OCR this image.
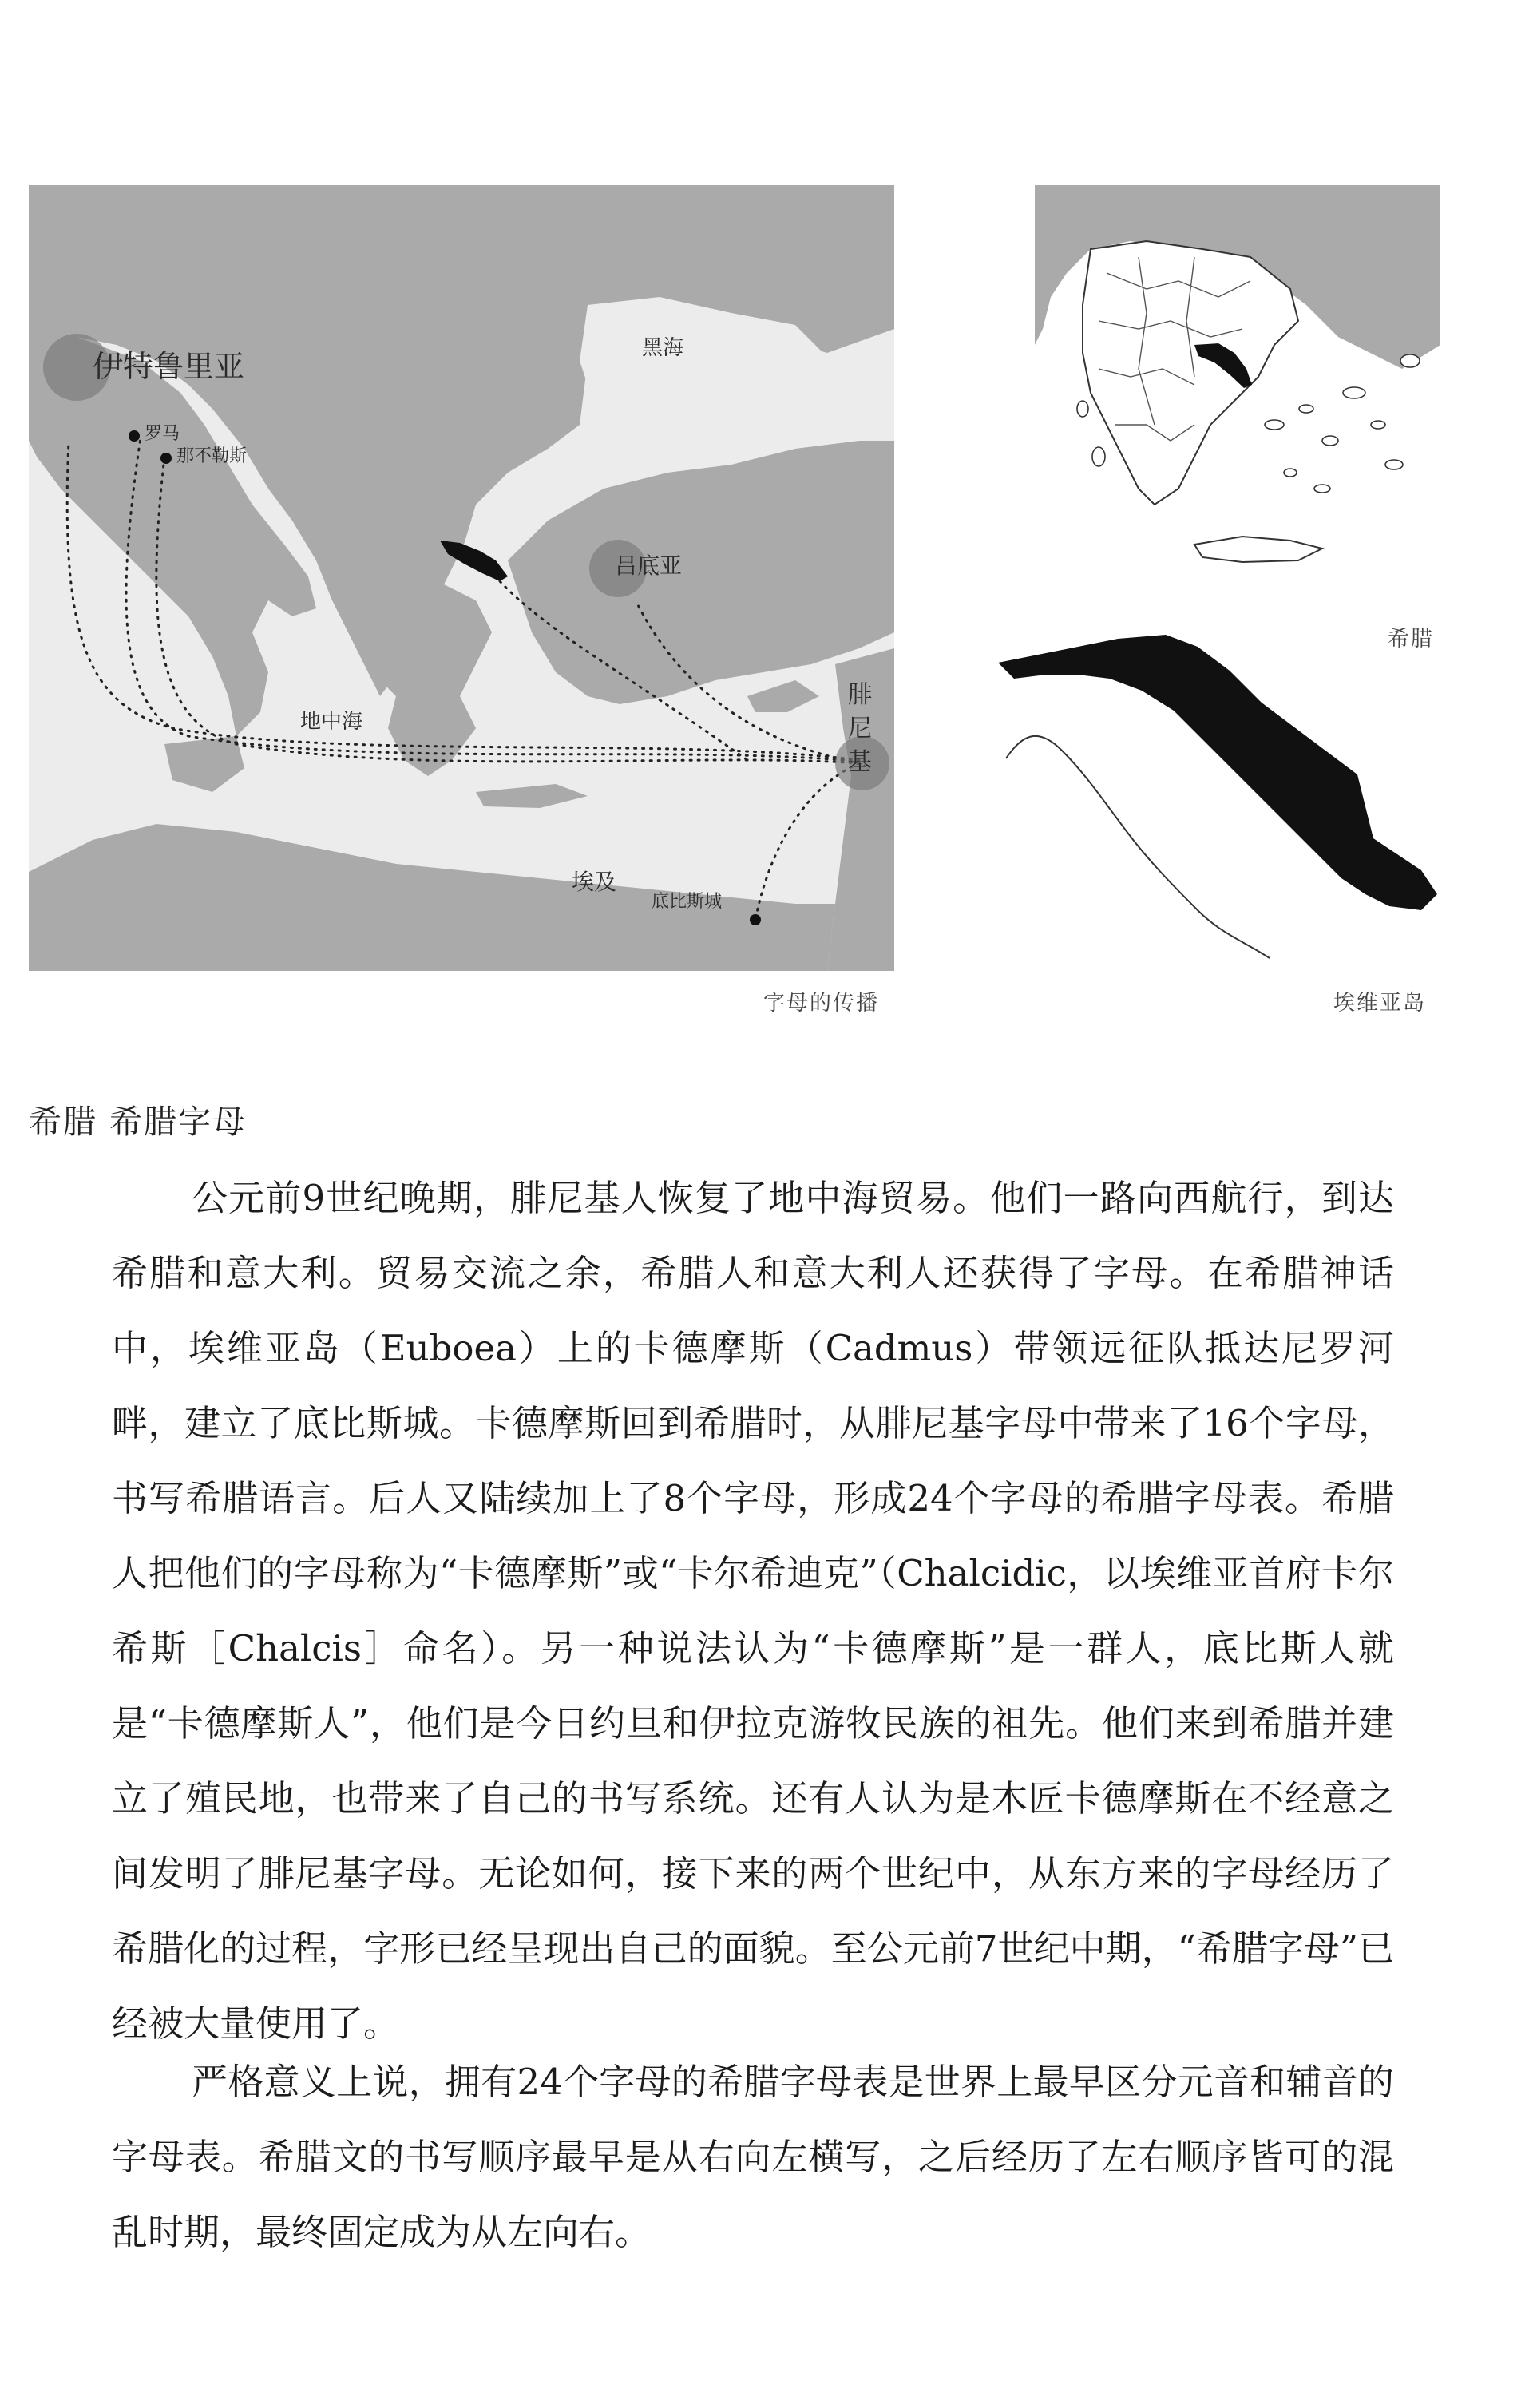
伊特鲁里亚
罗马
那不勒斯
黑海
吕底亚
腓
尼
基
地中海
埃及
底比斯城
字母的传播
希腊
埃维亚岛
希腊 希腊字母

公元前9世纪晚期，腓尼基人恢复了地中海贸易。他们一路向西航行，到达希腊和意大利。贸易交流之余，希腊人和意大利人还获得了字母。在希腊神话中，埃维亚岛（Euboea）上的卡德摩斯（Cadmus）带领远征队抵达尼罗河畔，建立了底比斯城。卡德摩斯回到希腊时，从腓尼基字母中带来了16个字母，书写希腊语言。后人又陆续加上了8个字母，形成24个字母的希腊字母表。希腊人把他们的字母称为“卡德摩斯”或“卡尔希迪克”（Chalcidic，以埃维亚首府卡尔希斯［Chalcis］命名）。另一种说法认为“卡德摩斯”是一群人，底比斯人就是“卡德摩斯人”，他们是今日约旦和伊拉克游牧民族的祖先。他们来到希腊并建立了殖民地，也带来了自己的书写系统。还有人认为是木匠卡德摩斯在不经意之间发明了腓尼基字母。无论如何，接下来的两个世纪中，从东方来的字母经历了希腊化的过程，字形已经呈现出自己的面貌。至公元前7世纪中期，“希腊字母”已经被大量使用了。

严格意义上说，拥有24个字母的希腊字母表是世界上最早区分元音和辅音的字母表。希腊文的书写顺序最早是从右向左横写，之后经历了左右顺序皆可的混乱时期，最终固定成为从左向右。
